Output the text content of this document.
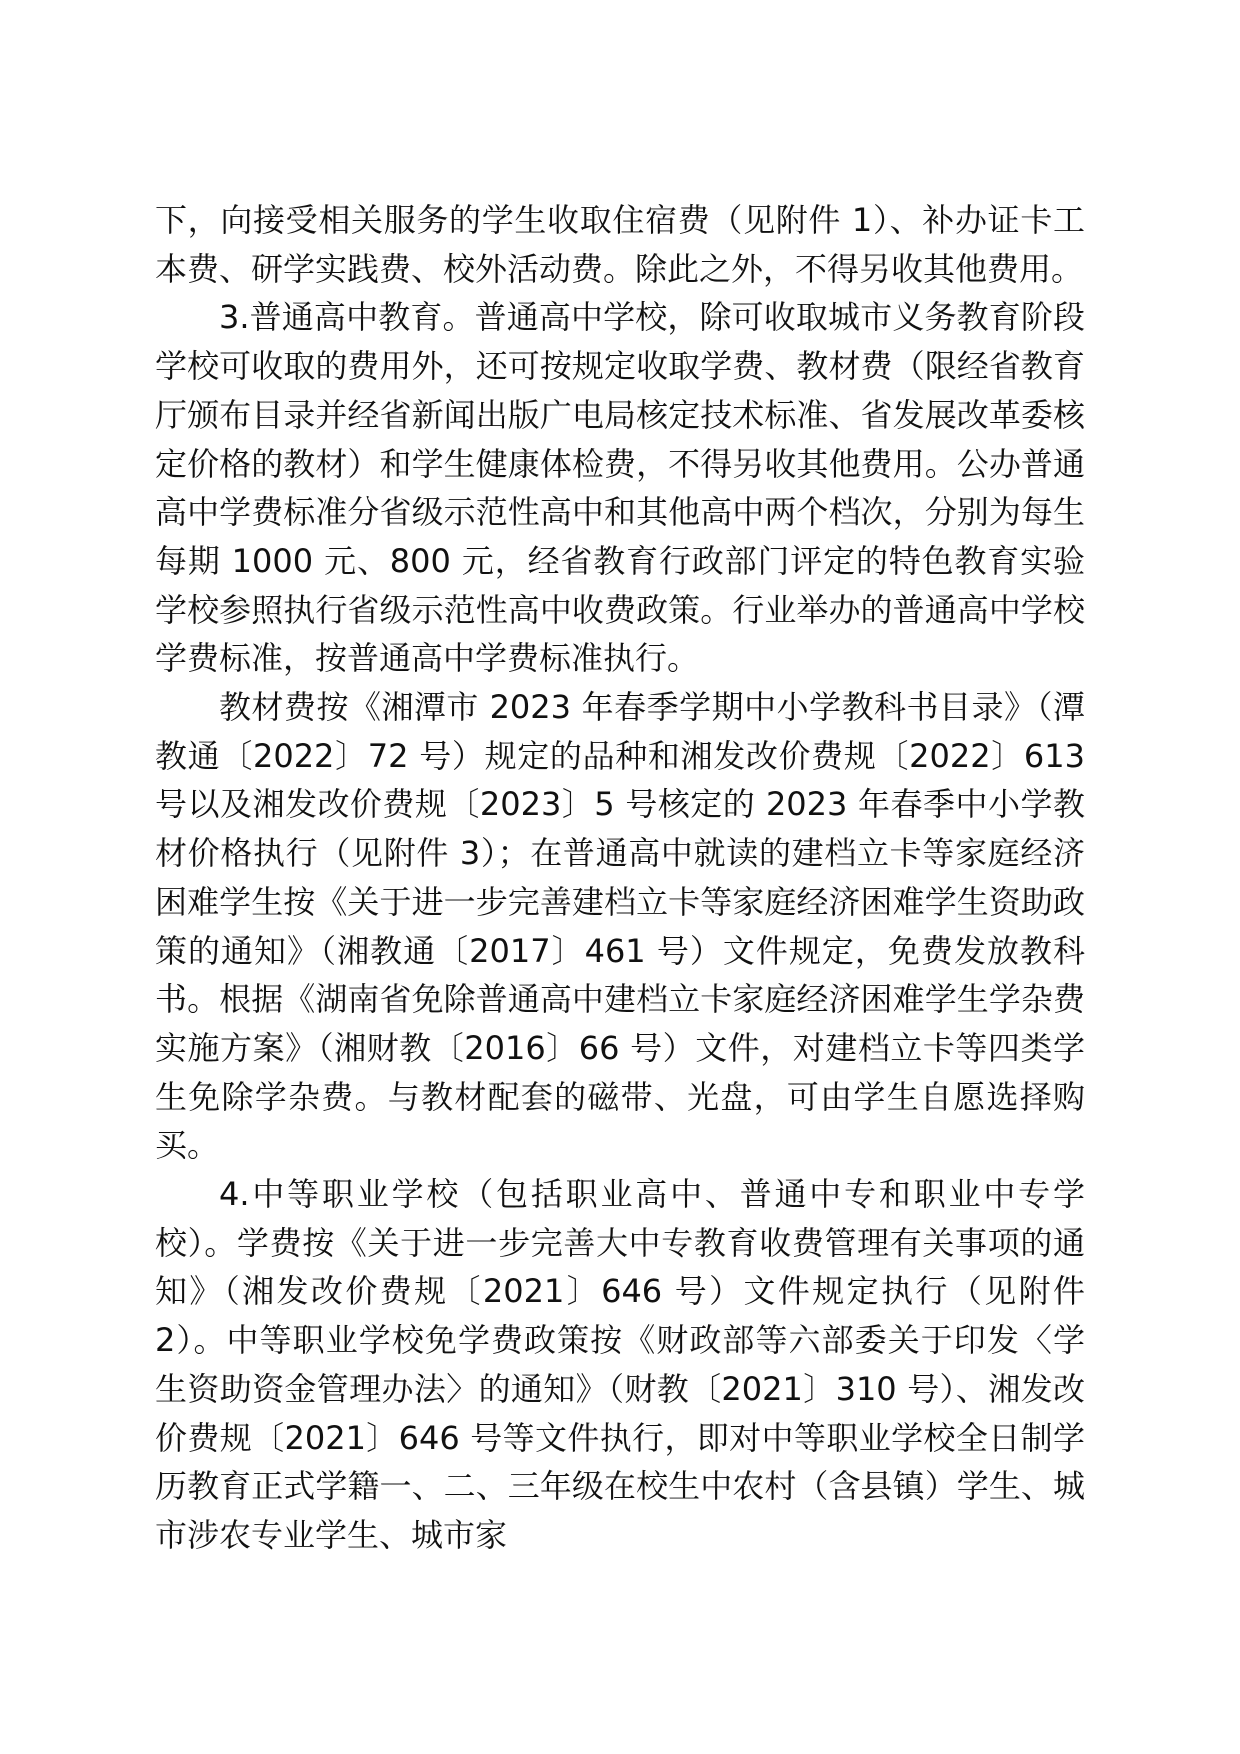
下，向接受相关服务的学生收取住宿费（见附件 1）、补办证卡工本费、研学实践费、校外活动费。除此之外，不得另收其他费用。

3.普通高中教育。普通高中学校，除可收取城市义务教育阶段学校可收取的费用外，还可按规定收取学费、教材费（限经省教育厅颁布目录并经省新闻出版广电局核定技术标准、省发展改革委核定价格的教材）和学生健康体检费，不得另收其他费用。公办普通高中学费标准分省级示范性高中和其他高中两个档次，分别为每生每期 1000 元、800 元，经省教育行政部门评定的特色教育实验学校参照执行省级示范性高中收费政策。行业举办的普通高中学校学费标准，按普通高中学费标准执行。

教材费按《湘潭市 2023 年春季学期中小学教科书目录》（潭教通〔2022〕72 号）规定的品种和湘发改价费规〔2022〕613 号以及湘发改价费规〔2023〕5 号核定的 2023 年春季中小学教材价格执行（见附件 3）；在普通高中就读的建档立卡等家庭经济困难学生按《关于进一步完善建档立卡等家庭经济困难学生资助政策的通知》（湘教通〔2017〕461 号）文件规定，免费发放教科书。根据《湖南省免除普通高中建档立卡家庭经济困难学生学杂费实施方案》（湘财教〔2016〕66 号）文件，对建档立卡等四类学生免除学杂费。与教材配套的磁带、光盘，可由学生自愿选择购买。

4.中等职业学校（包括职业高中、普通中专和职业中专学校）。学费按《关于进一步完善大中专教育收费管理有关事项的通知》（湘发改价费规〔2021〕646 号）文件规定执行（见附件 2）。中等职业学校免学费政策按《财政部等六部委关于印发〈学生资助资金管理办法〉的通知》（财教〔2021〕310 号）、湘发改价费规〔2021〕646 号等文件执行，即对中等职业学校全日制学历教育正式学籍一、二、三年级在校生中农村（含县镇）学生、城市涉农专业学生、城市家
